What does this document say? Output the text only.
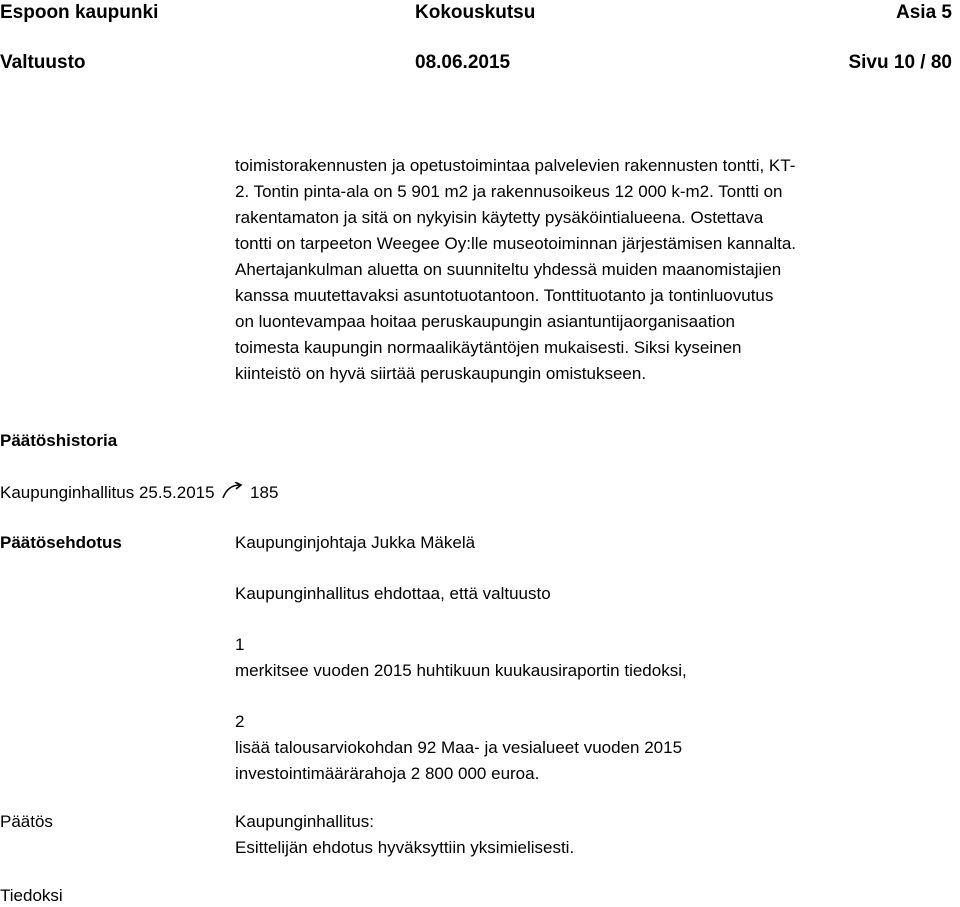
Espoon kaupunki	Kokouskutsu	Asia 5
Valtuusto	08.06.2015	Sivu 10 / 80
toimistorakennusten ja opetustoimintaa palvelevien rakennusten tontti, KT-
2. Tontin pinta-ala on 5 901 m2 ja rakennusoikeus 12 000 k-m2. Tontti on
rakentamaton ja sitä on nykyisin käytetty pysäköintialueena. Ostettava
tontti on tarpeeton Weegee Oy:lle museotoiminnan järjestämisen kannalta.
Ahertajankulman aluetta on suunniteltu yhdessä muiden maanomistajien
kanssa muutettavaksi asuntotuotantoon. Tonttituotanto ja tontinluovutus
on luontevampaa hoitaa peruskaupungin asiantuntijaorganisaation
toimesta kaupungin normaalikäytäntöjen mukaisesti. Siksi kyseinen
kiinteistö on hyvä siirtää peruskaupungin omistukseen.
Päätöshistoria
Kaupunginhallitus 25.5.2015 185
Päätösehdotus	Kaupunginjohtaja Jukka Mäkelä
Kaupunginhallitus ehdottaa, että valtuusto
1
merkitsee vuoden 2015 huhtikuun kuukausiraportin tiedoksi,
2
lisää talousarviokohdan 92 Maa- ja vesialueet vuoden 2015
investointimäärärahoja 2 800 000 euroa.
Päätös	Kaupunginhallitus:
Esittelijän ehdotus hyväksyttiin yksimielisesti.
Tiedoksi
